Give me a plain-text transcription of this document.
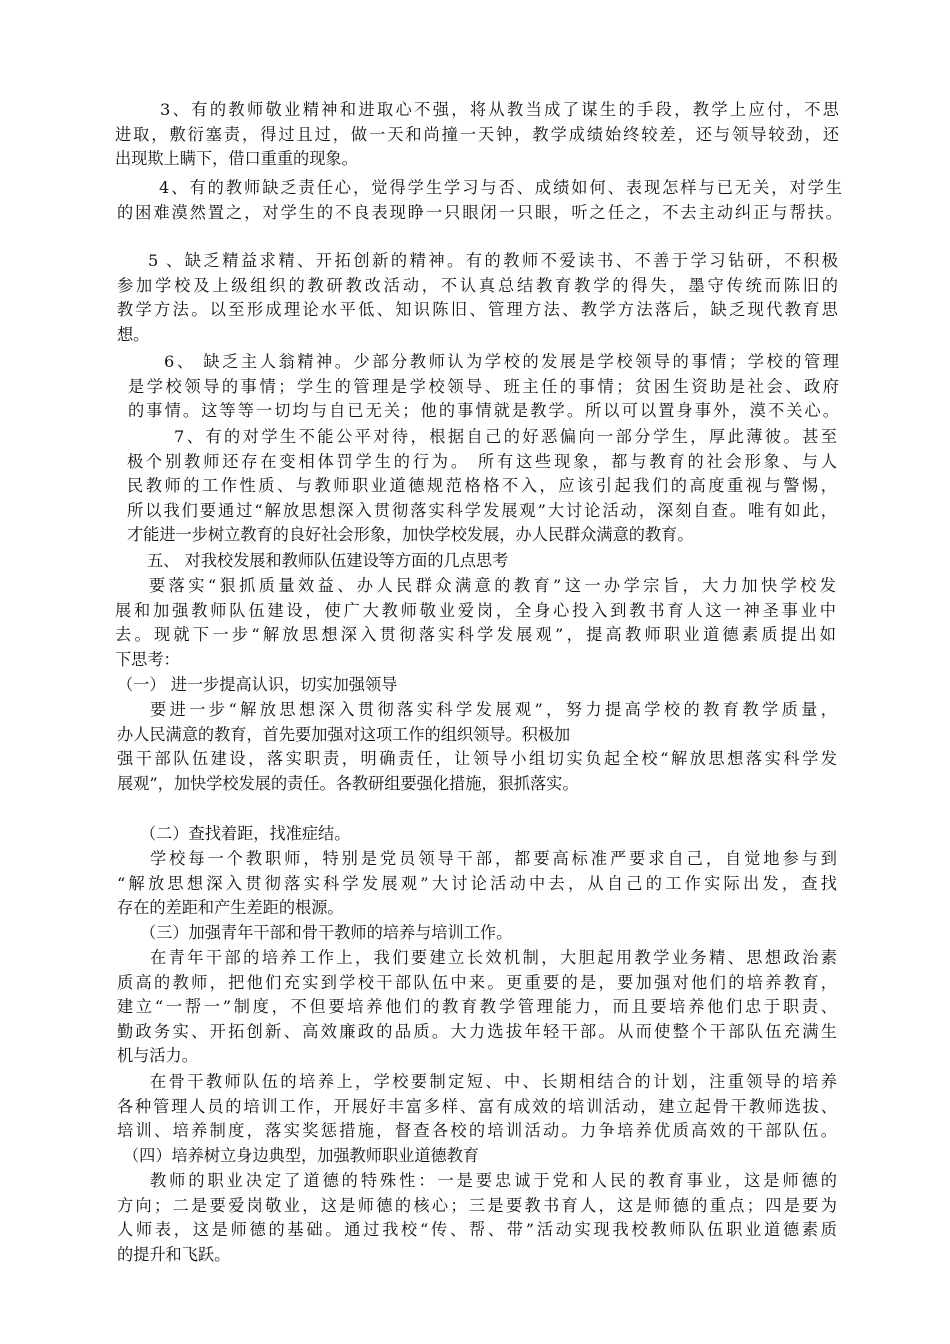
3、有的教师敬业精神和进取心不强，将从教当成了谋生的手段，教学上应付，不思
进取，敷衍塞责，得过且过，做一天和尚撞一天钟，教学成绩始终较差，还与领导较劲，还
出现欺上瞒下，借口重重的现象。
4、有的教师缺乏责任心，觉得学生学习与否、成绩如何、表现怎样与已无关，对学生
的困难漠然置之，对学生的不良表现睁一只眼闭一只眼，听之任之，不去主动纠正与帮扶。
5 、缺乏精益求精、开拓创新的精神。有的教师不爱读书、不善于学习钻研，不积极
参加学校及上级组织的教研教改活动，不认真总结教育教学的得失，墨守传统而陈旧的
教学方法。以至形成理论水平低、知识陈旧、管理方法、教学方法落后，缺乏现代教育思
想。
6、 缺乏主人翁精神。少部分教师认为学校的发展是学校领导的事情；学校的管理
是学校领导的事情；学生的管理是学校领导、班主任的事情；贫困生资助是社会、政府
的事情。这等等一切均与自已无关；他的事情就是教学。所以可以置身事外，漠不关心。
7、有的对学生不能公平对待，根据自己的好恶偏向一部分学生，厚此薄彼。甚至
极个别教师还存在变相体罚学生的行为。 所有这些现象，都与教育的社会形象、与人
民教师的工作性质、与教师职业道德规范格格不入，应该引起我们的高度重视与警惕，
所以我们要通过“解放思想深入贯彻落实科学发展观”大讨论活动，深刻自查。唯有如此，
才能进一步树立教育的良好社会形象，加快学校发展，办人民群众满意的教育。
五、 对我校发展和教师队伍建设等方面的几点思考
要落实“狠抓质量效益、办人民群众满意的教育”这一办学宗旨，大力加快学校发
展和加强教师队伍建设，使广大教师敬业爱岗，全身心投入到教书育人这一神圣事业中
去。现就下一步“解放思想深入贯彻落实科学发展观”，提高教师职业道德素质提出如
下思考：
（一） 进一步提高认识，切实加强领导
要进一步“解放思想深入贯彻落实科学发展观”，努力提高学校的教育教学质量，
办人民满意的教育，首先要加强对这项工作的组织领导。积极加
强干部队伍建设，落实职责，明确责任，让领导小组切实负起全校“解放思想落实科学发
展观”，加快学校发展的责任。各教研组要强化措施，狠抓落实。
（二）查找着距，找准症结。
学校每一个教职师，特别是党员领导干部，都要高标准严要求自己，自觉地参与到
“解放思想深入贯彻落实科学发展观”大讨论活动中去，从自己的工作实际出发，查找
存在的差距和产生差距的根源。
（三）加强青年干部和骨干教师的培养与培训工作。
在青年干部的培养工作上，我们要建立长效机制，大胆起用教学业务精、思想政治素
质高的教师，把他们充实到学校干部队伍中来。更重要的是，要加强对他们的培养教育，
建立“一帮一”制度，不但要培养他们的教育教学管理能力，而且要培养他们忠于职责、
勤政务实、开拓创新、高效廉政的品质。大力选拔年轻干部。从而使整个干部队伍充满生
机与活力。
在骨干教师队伍的培养上，学校要制定短、中、长期相结合的计划，注重领导的培养
各种管理人员的培训工作，开展好丰富多样、富有成效的培训活动，建立起骨干教师选拔、
培训、培养制度，落实奖惩措施，督查各校的培训活动。力争培养优质高效的干部队伍。
（四）培养树立身边典型，加强教师职业道德教育
教师的职业决定了道德的特殊性：一是要忠诚于党和人民的教育事业，这是师德的
方向；二是要爱岗敬业，这是师德的核心；三是要教书育人，这是师德的重点；四是要为
人师表，这是师德的基础。通过我校“传、帮、带”活动实现我校教师队伍职业道德素质
的提升和飞跃。
